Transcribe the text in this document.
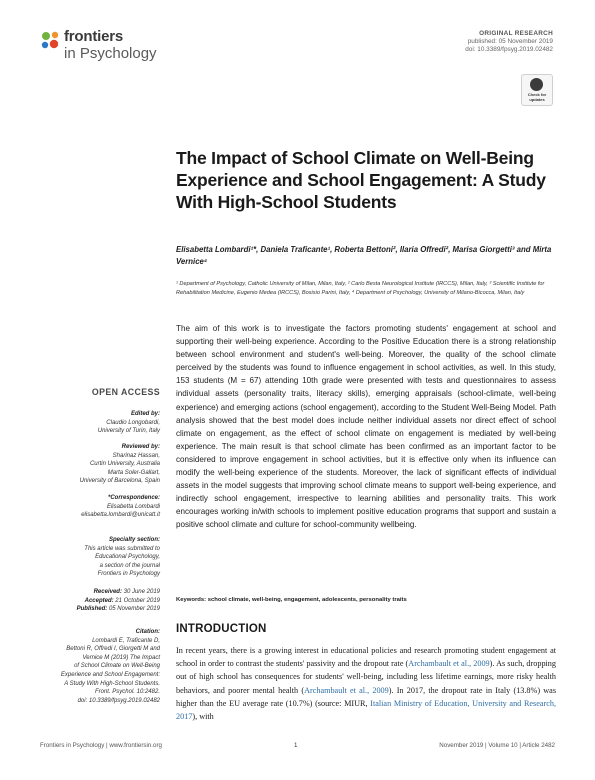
frontiers
in Psychology
ORIGINAL RESEARCH
published: 05 November 2019
doi: 10.3389/fpsyg.2019.02482
Check for updates
The Impact of School Climate on Well-Being Experience and School Engagement: A Study With High-School Students
Elisabetta Lombardi¹*, Daniela Traficante¹, Roberta Bettoni², Ilaria Offredi², Marisa Giorgetti³ and Mirta Vernice⁴
¹ Department of Psychology, Catholic University of Milan, Milan, Italy, ² Carlo Besta Neurological Institute (IRCCS), Milan, Italy, ³ Scientific Institute for Rehabilitation Medicine, Eugenio Medea (IRCCS), Bosisio Parini, Italy, ⁴ Department of Psychology, University of Milano-Bicocca, Milan, Italy
The aim of this work is to investigate the factors promoting students' engagement at school and supporting their well-being experience. According to the Positive Education there is a strong relationship between school environment and student's well-being. Moreover, the quality of the school climate perceived by the students was found to influence engagement in school activities, as well. In this study, 153 students (M = 67) attending 10th grade were presented with tests and questionnaires to assess individual assets (personality traits, literacy skills), emerging appraisals (school-climate, well-being experience) and emerging actions (school engagement), according to the Student Well-Being Model. Path analysis showed that the best model does include neither individual assets nor direct effect of school climate on engagement, as the effect of school climate on engagement is mediated by well-being experience. The main result is that school climate has been confirmed as an important factor to be considered to improve engagement in school activities, but it is effective only when its influence can modify the well-being experience of the students. Moreover, the lack of significant effects of individual assets in the model suggests that improving school climate means to support well-being experience, and indirectly school engagement, irrespective to learning abilities and personality traits. This work encourages working in/with schools to implement positive education programs that support and sustain a positive school climate and culture for school-community wellbeing.
Keywords: school climate, well-being, engagement, adolescents, personality traits
INTRODUCTION
In recent years, there is a growing interest in educational policies and research promoting student engagement at school in order to contrast the students' passivity and the dropout rate (Archambault et al., 2009). As such, dropping out of high school has consequences for students' well-being, including less lifetime earnings, more risky health behaviors, and poorer mental health (Archambault et al., 2009). In 2017, the dropout rate in Italy (13.8%) was higher than the EU average rate (10.7%) (source: MIUR, Italian Ministry of Education, University and Research, 2017), with
OPEN ACCESS
Edited by:
Claudio Longobardi,
University of Turin, Italy
Reviewed by:
Sharinaz Hassan,
Curtin University, Australia
Marta Soler-Gallart,
University of Barcelona, Spain
*Correspondence:
Elisabetta Lombardi
elisabetta.lombardi@unicatt.it
Specialty section:
This article was submitted to
Educational Psychology,
a section of the journal
Frontiers in Psychology
Received: 30 June 2019
Accepted: 21 October 2019
Published: 05 November 2019
Citation:
Lombardi E, Traficante D,
Bettoni R, Offredi I, Giorgetti M and
Vernice M (2019) The Impact
of School Climate on Well-Being
Experience and School Engagement:
A Study With High-School Students.
Front. Psychol. 10:2482.
doi: 10.3389/fpsyg.2019.02482
Frontiers in Psychology | www.frontiersin.org	1	November 2019 | Volume 10 | Article 2482
